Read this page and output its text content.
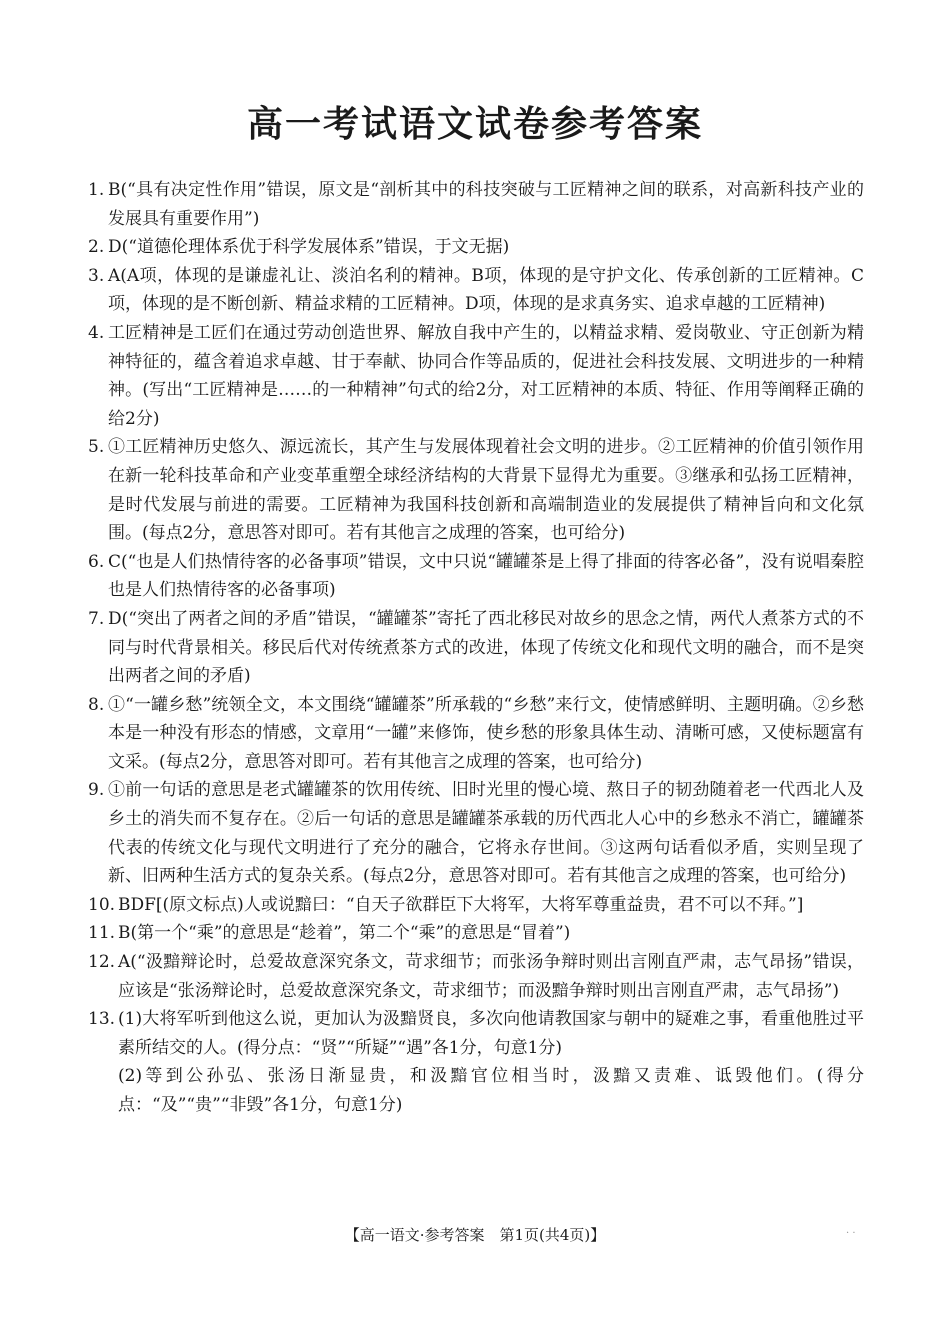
高一考试语文试卷参考答案
1. B(“具有决定性作用”错误，原文是“剖析其中的科技突破与工匠精神之间的联系，对高新科技产业的发展具有重要作用”)
2. D(“道德伦理体系优于科学发展体系”错误，于文无据)
3. A(A项，体现的是谦虚礼让、淡泊名利的精神。B项，体现的是守护文化、传承创新的工匠精神。C项，体现的是不断创新、精益求精的工匠精神。D项，体现的是求真务实、追求卓越的工匠精神)
4. 工匠精神是工匠们在通过劳动创造世界、解放自我中产生的，以精益求精、爱岗敬业、守正创新为精神特征的，蕴含着追求卓越、甘于奉献、协同合作等品质的，促进社会科技发展、文明进步的一种精神。(写出“工匠精神是……的一种精神”句式的给2分，对工匠精神的本质、特征、作用等阐释正确的给2分)
5. ①工匠精神历史悠久、源远流长，其产生与发展体现着社会文明的进步。②工匠精神的价值引领作用在新一轮科技革命和产业变革重塑全球经济结构的大背景下显得尤为重要。③继承和弘扬工匠精神，是时代发展与前进的需要。工匠精神为我国科技创新和高端制造业的发展提供了精神旨向和文化氛围。(每点2分，意思答对即可。若有其他言之成理的答案，也可给分)
6. C(“也是人们热情待客的必备事项”错误，文中只说“罐罐茶是上得了排面的待客必备”，没有说唱秦腔也是人们热情待客的必备事项)
7. D(“突出了两者之间的矛盾”错误，“罐罐茶”寄托了西北移民对故乡的思念之情，两代人煮茶方式的不同与时代背景相关。移民后代对传统煮茶方式的改进，体现了传统文化和现代文明的融合，而不是突出两者之间的矛盾)
8. ①“一罐乡愁”统领全文，本文围绕“罐罐茶”所承载的“乡愁”来行文，使情感鲜明、主题明确。②乡愁本是一种没有形态的情感，文章用“一罐”来修饰，使乡愁的形象具体生动、清晰可感，又使标题富有文采。(每点2分，意思答对即可。若有其他言之成理的答案，也可给分)
9. ①前一句话的意思是老式罐罐茶的饮用传统、旧时光里的慢心境、熬日子的韧劲随着老一代西北人及乡土的消失而不复存在。②后一句话的意思是罐罐茶承载的历代西北人心中的乡愁永不消亡，罐罐茶代表的传统文化与现代文明进行了充分的融合，它将永存世间。③这两句话看似矛盾，实则呈现了新、旧两种生活方式的复杂关系。(每点2分，意思答对即可。若有其他言之成理的答案，也可给分)
10. BDF[(原文标点)人或说黯曰：“自天子欲群臣下大将军，大将军尊重益贵，君不可以不拜。”]
11. B(第一个“乘”的意思是“趁着”，第二个“乘”的意思是“冒着”)
12. A(“汲黯辩论时，总爱故意深究条文，苛求细节；而张汤争辩时则出言刚直严肃，志气昂扬”错误，应该是“张汤辩论时，总爱故意深究条文，苛求细节；而汲黯争辩时则出言刚直严肃，志气昂扬”)
13. (1)大将军听到他这么说，更加认为汲黯贤良，多次向他请教国家与朝中的疑难之事，看重他胜过平素所结交的人。(得分点：“贤”“所疑”“遇”各1分，句意1分)
(2)等到公孙弘、张汤日渐显贵，和汲黯官位相当时，汲黯又责难、诋毁他们。(得分点：“及”“贵”“非毁”各1分，句意1分)
【高一语文·参考答案　第1页(共4页)】	· ·
